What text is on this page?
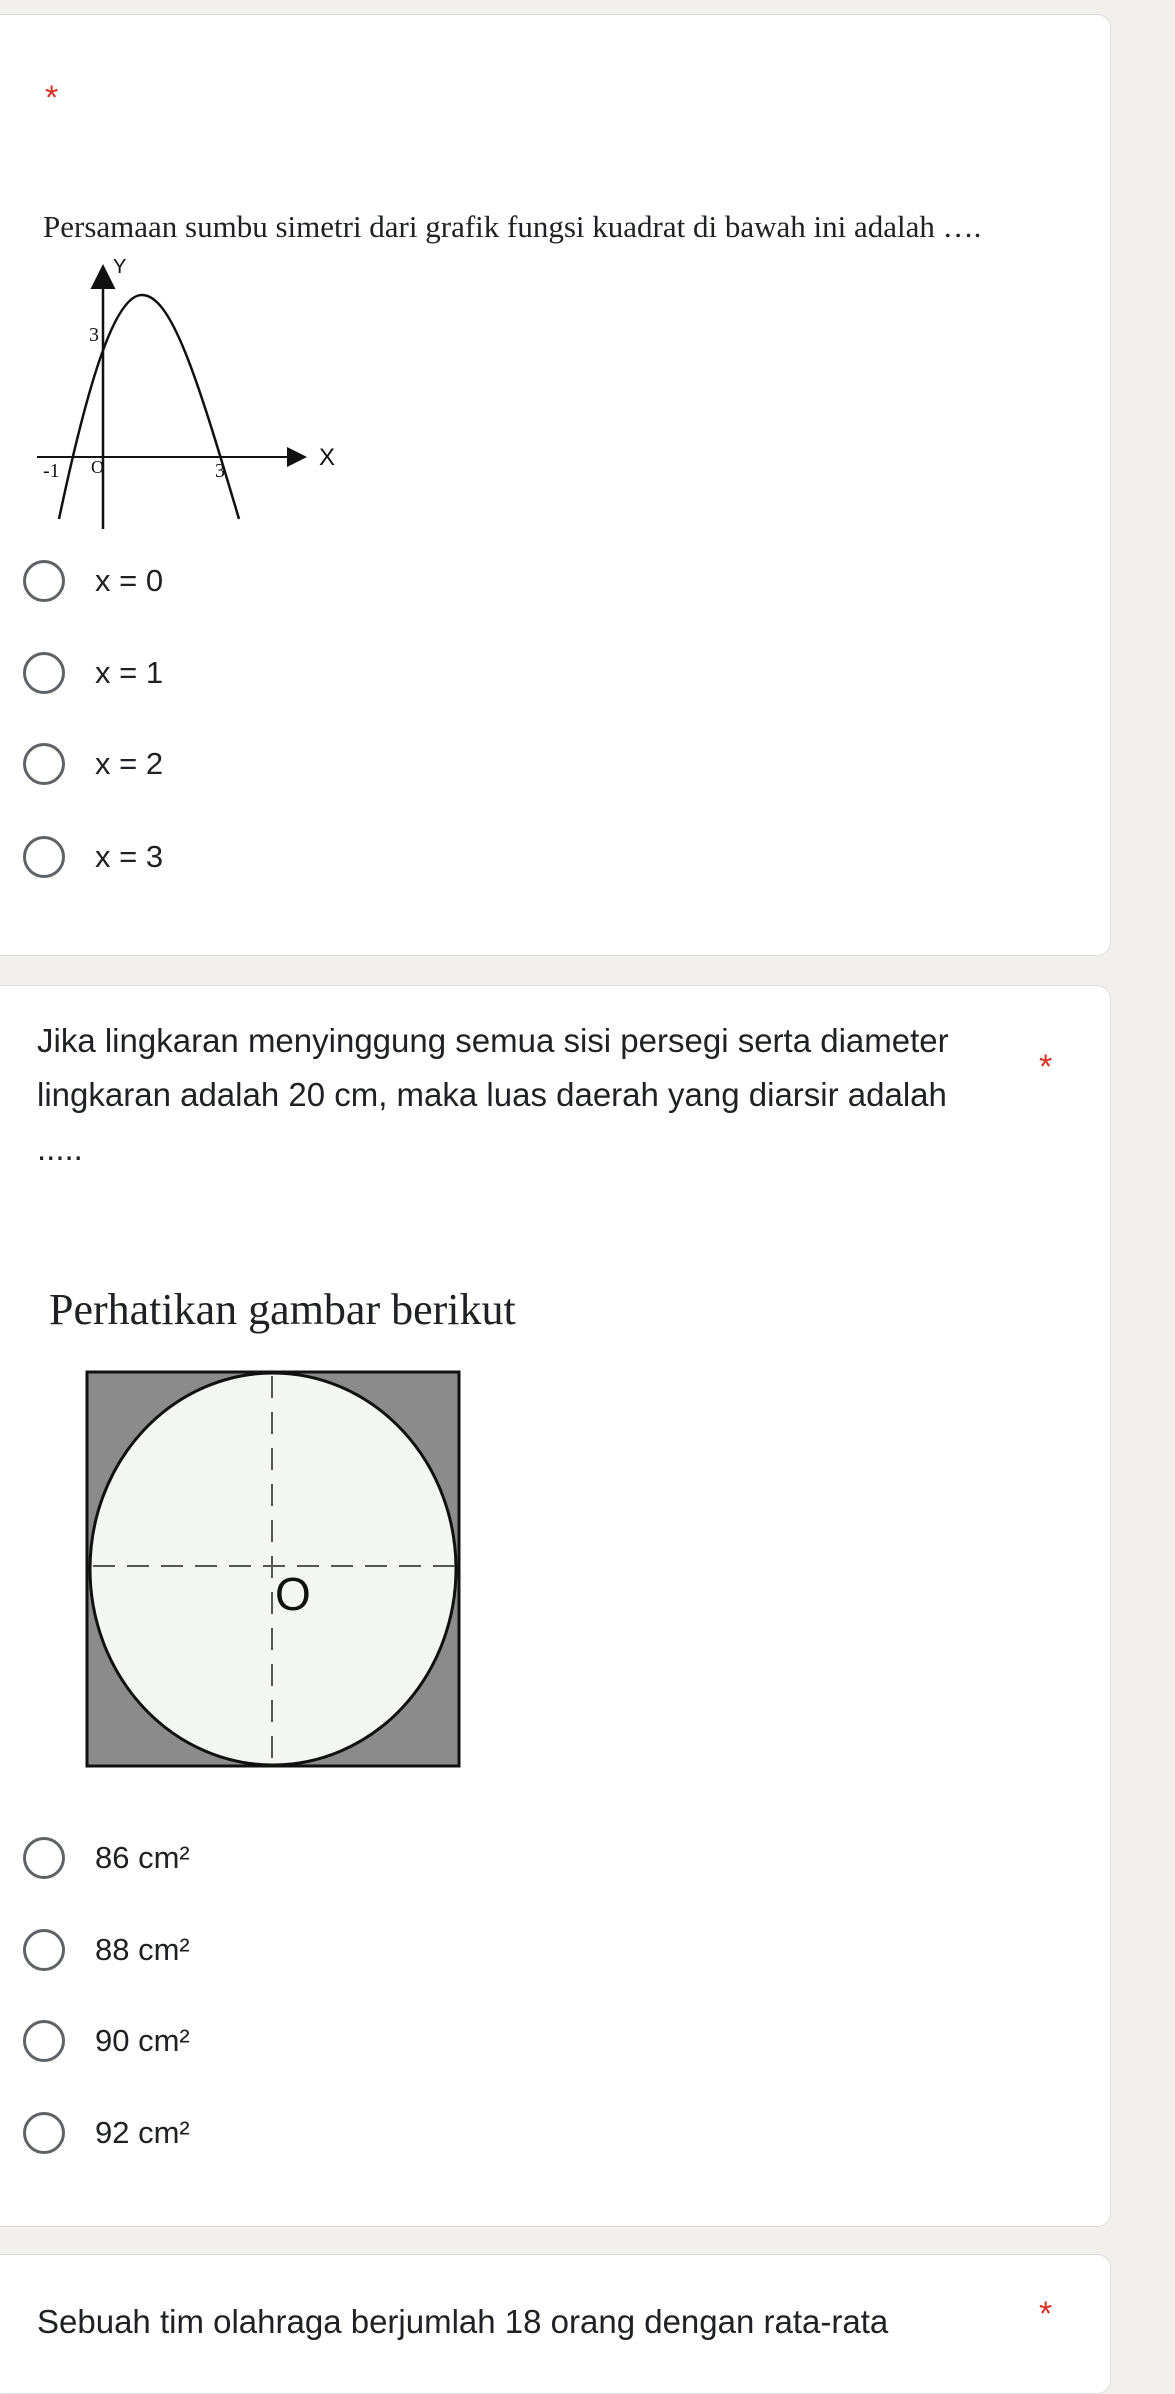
*
Persamaan sumbu simetri dari grafik fungsi kuadrat di bawah ini adalah ….
Y
X
3
-1 O	3
x = 0
x = 1
x = 2
x = 3

Jika lingkaran menyinggung semua sisi persegi serta diameter lingkaran adalah 20 cm, maka luas daerah yang diarsir adalah .....

*
Perhatikan gambar berikut
O
86 cm²
88 cm²
90 cm²
92 cm²

Sebuah tim olahraga berjumlah 18 orang dengan rata-rata	*
